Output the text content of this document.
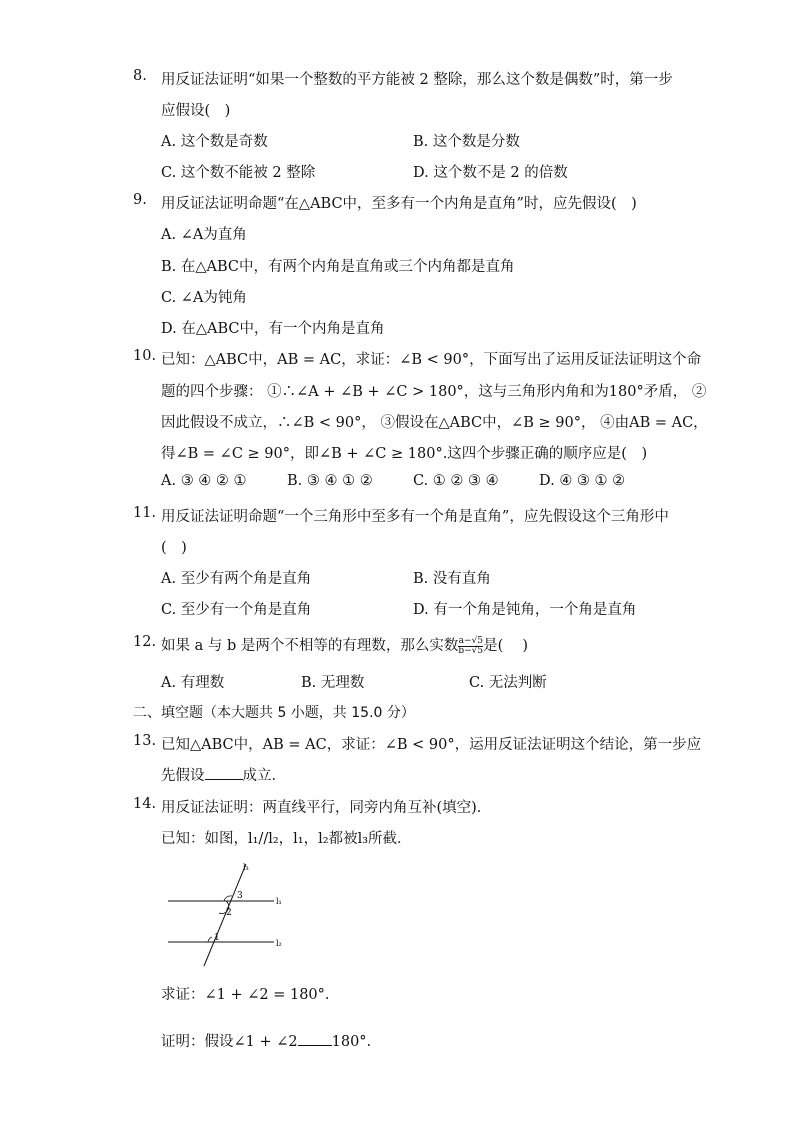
8. 用反证法证明“如果一个整数的平方能被 2 整除，那么这个数是偶数”时，第一步
应假设(　)
A. 这个数是奇数	B. 这个数是分数
C. 这个数不能被 2 整除	D. 这个数不是 2 的倍数
9. 用反证法证明命题“在△ABC中，至多有一个内角是直角”时，应先假设(　)
A. ∠A为直角
B. 在△ABC中，有两个内角是直角或三个内角都是直角
C. ∠A为钝角
D. 在△ABC中，有一个内角是直角
10. 已知：△ABC中，AB = AC，求证：∠B < 90°，下面写出了运用反证法证明这个命
题的四个步骤： ①∴∠A + ∠B + ∠C > 180°，这与三角形内角和为180°矛盾， ②
因此假设不成立，∴∠B < 90°， ③假设在△ABC中，∠B ≥ 90°， ④由AB = AC，
得∠B = ∠C ≥ 90°，即∠B + ∠C ≥ 180°.这四个步骤正确的顺序应是(　)
A. ③ ④ ② ①	B. ③ ④ ① ②	C. ① ② ③ ④	D. ④ ③ ① ②
11. 用反证法证明命题“一个三角形中至多有一个角是直角”，应先假设这个三角形中
(　)
A. 至少有两个角是直角	B. 没有直角
C. 至少有一个角是直角	D. 有一个角是钝角，一个角是直角
12. 如果 a 与 b 是两个不相等的有理数，那么实数 $\frac{a-√5}{b-√5}$ 是(　 )
A. 有理数	B. 无理数	C. 无法判断
二、填空题（本大题共 5 小题，共 15.0 分）
13. 已知△ABC中，AB = AC，求证：∠B < 90°，运用反证法证明这个结论，第一步应
先假设	成立．
14. 用反证法证明：两直线平行，同旁内角互补(填空)．
已知：如图，l₁//l₂，l₁，l₂都被l₃所截．
l₃
l₁
l₂
3
2
1
求证：∠1 + ∠2 = 180°.
证明：假设∠1 + ∠2 180°.
